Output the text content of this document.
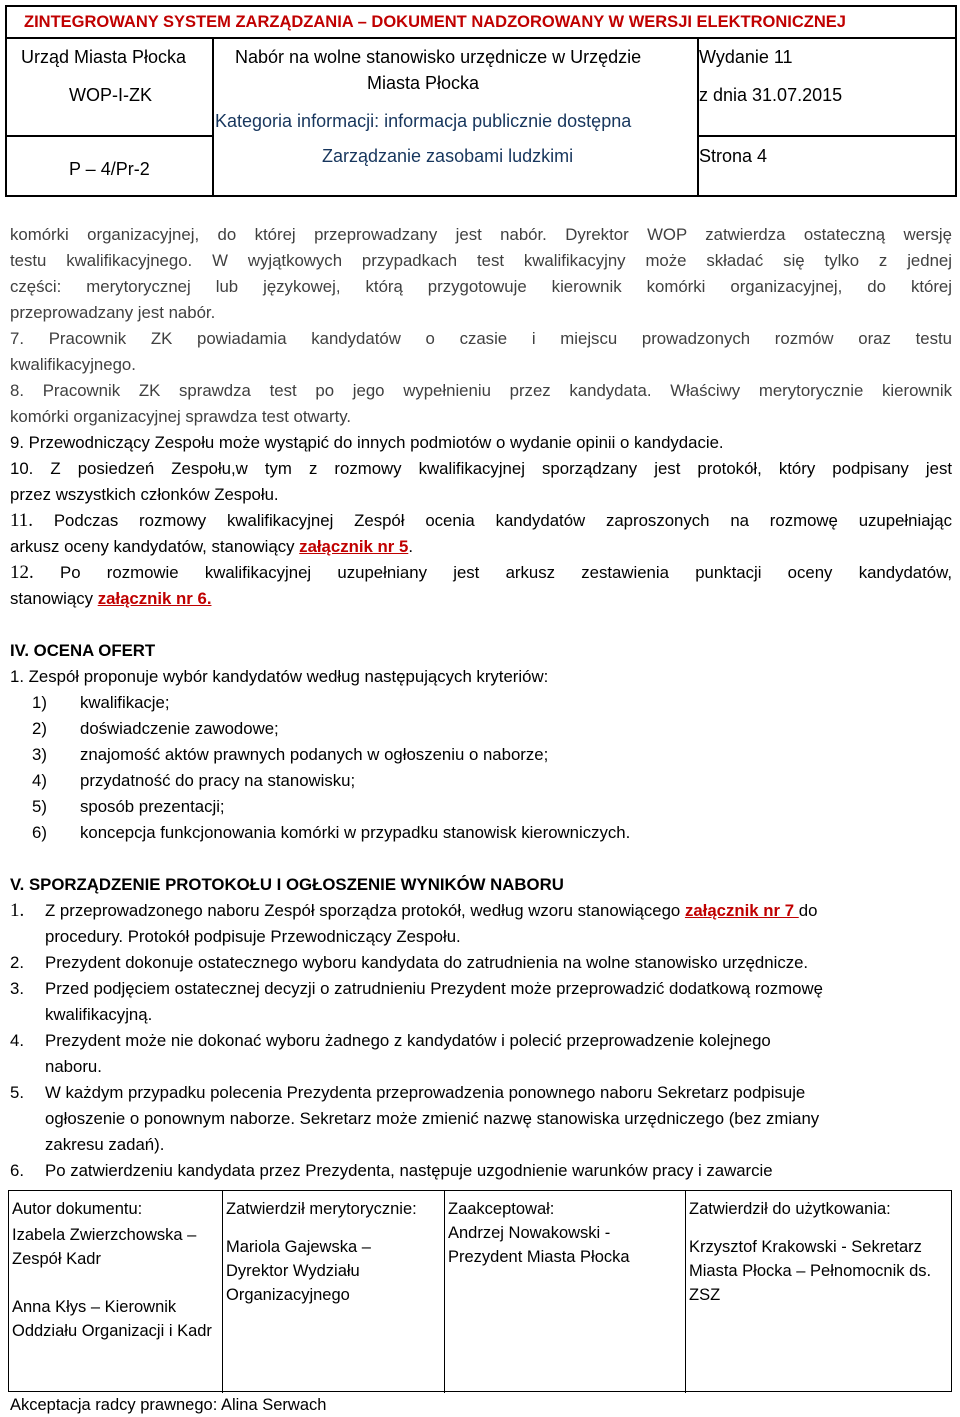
ZINTEGROWANY SYSTEM ZARZĄDZANIA – DOKUMENT NADZOROWANY W WERSJI ELEKTRONICZNEJ
Urząd Miasta Płocka
WOP-I-ZK
P – 4/Pr-2
Nabór na wolne stanowisko urzędnicze w Urzędzie
Miasta Płocka
Kategoria informacji: informacja publicznie dostępna
Zarządzanie zasobami ludzkimi
Wydanie 11
z dnia 31.07.2015
Strona 4

komórki organizacyjnej, do której przeprowadzany jest nabór. Dyrektor WOP zatwierdza ostateczną wersję

testu kwalifikacyjnego. W wyjątkowych przypadkach test kwalifikacyjny może składać się tylko z jednej

części: merytorycznej lub językowej, którą przygotowuje kierownik komórki organizacyjnej, do której

przeprowadzany jest nabór.

7. Pracownik ZK powiadamia kandydatów o czasie i miejscu prowadzonych rozmów oraz testu

kwalifikacyjnego.

8. Pracownik ZK sprawdza test po jego wypełnieniu przez kandydata. Właściwy merytorycznie kierownik

komórki organizacyjnej sprawdza test otwarty.

9. Przewodniczący Zespołu może wystąpić do innych podmiotów o wydanie opinii o kandydacie.

10. Z posiedzeń Zespołu,w tym z rozmowy kwalifikacyjnej sporządzany jest protokół, który podpisany jest

przez wszystkich członków Zespołu.

11. Podczas rozmowy kwalifikacyjnej Zespół ocenia kandydatów zaproszonych na rozmowę uzupełniając

arkusz oceny kandydatów, stanowiący załącznik nr 5.

12. Po rozmowie kwalifikacyjnej uzupełniany jest arkusz zestawienia punktacji oceny kandydatów,

stanowiący załącznik nr 6.

IV. OCENA OFERT

1. Zespół proponuje wybór kandydatów według następujących kryteriów:

1) kwalifikacje;
2) doświadczenie zawodowe;
3) znajomość aktów prawnych podanych w ogłoszeniu o naborze;
4) przydatność do pracy na stanowisku;
5) sposób prezentacji;
6) koncepcja funkcjonowania komórki w przypadku stanowisk kierowniczych.

V. SPORZĄDZENIE PROTOKOŁU I OGŁOSZENIE WYNIKÓW NABORU

1. Z przeprowadzonego naboru Zespół sporządza protokół, według wzoru stanowiącego załącznik nr 7 do
procedury. Protokół podpisuje Przewodniczący Zespołu.

2. Prezydent dokonuje ostatecznego wyboru kandydata do zatrudnienia na wolne stanowisko urzędnicze.

3. Przed podjęciem ostatecznej decyzji o zatrudnieniu Prezydent może przeprowadzić dodatkową rozmowę
kwalifikacyjną.

4. Prezydent może nie dokonać wyboru żadnego z kandydatów i polecić przeprowadzenie kolejnego
naboru.

5. W każdym przypadku polecenia Prezydenta przeprowadzenia ponownego naboru Sekretarz podpisuje
ogłoszenie o ponownym naborze. Sekretarz może zmienić nazwę stanowiska urzędniczego (bez zmiany
zakresu zadań).

6. Po zatwierdzeniu kandydata przez Prezydenta, następuje uzgodnienie warunków pracy i zawarcie

Autor dokumentu:
Izabela Zwierzchowska –
Zespół Kadr
Anna Kłys – Kierownik
Oddziału Organizacji i Kadr
Zatwierdził merytorycznie:
Mariola Gajewska –
Dyrektor Wydziału
Organizacyjnego
Zaakceptował:
Andrzej Nowakowski -
Prezydent Miasta Płocka
Zatwierdził do użytkowania:
Krzysztof Krakowski - Sekretarz
Miasta Płocka – Pełnomocnik ds.
ZSZ
Akceptacja radcy prawnego: Alina Serwach
